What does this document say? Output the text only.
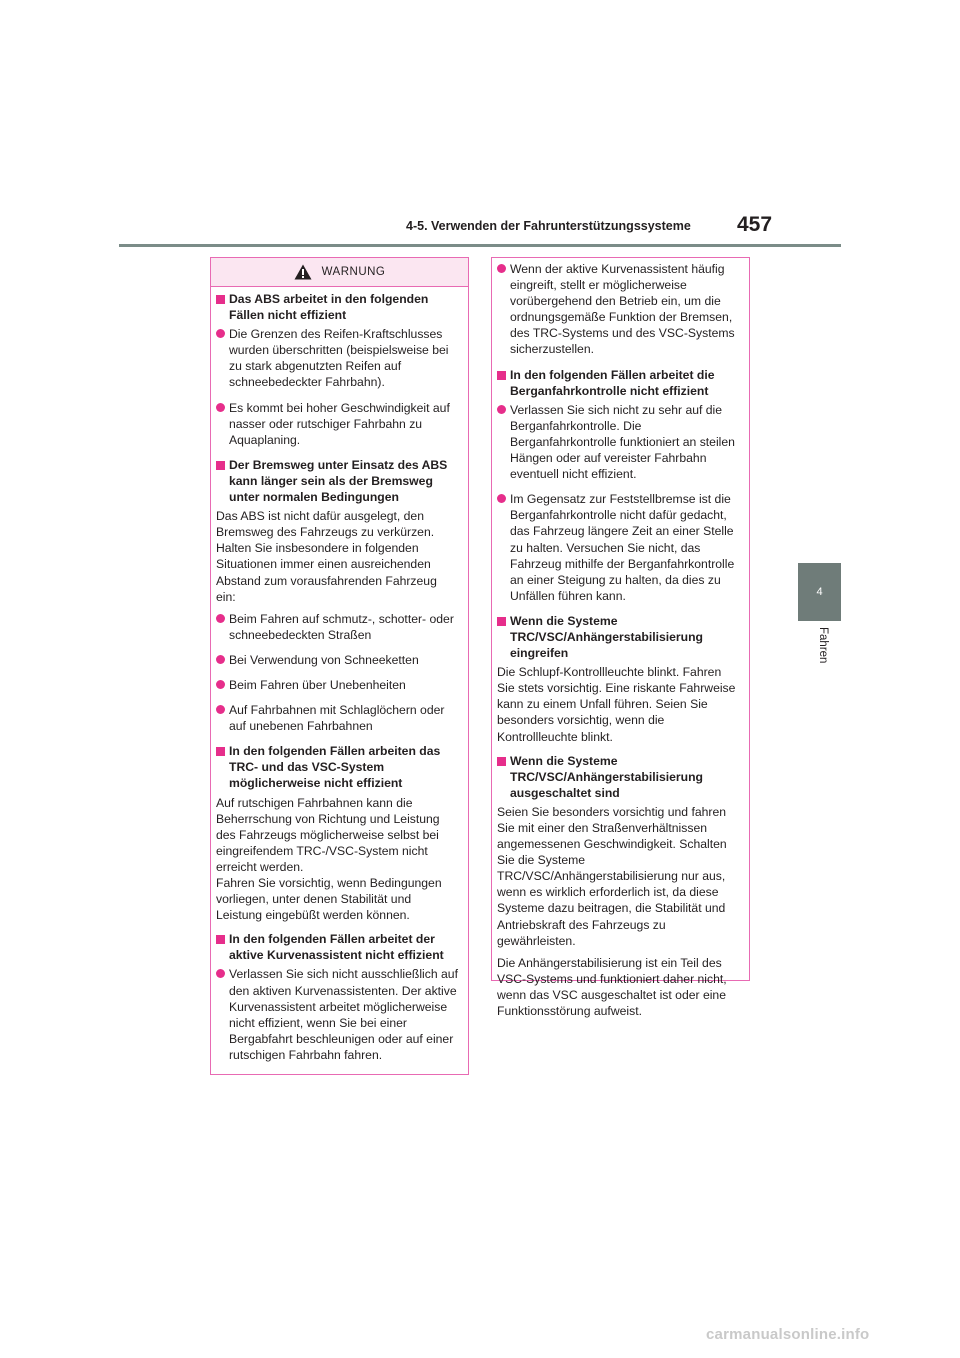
4-5. Verwenden der Fahrunterstützungssysteme 457
4
Fahren
WARNUNG
Das ABS arbeitet in den folgenden Fällen nicht effizient
Die Grenzen des Reifen-Kraftschlusses wurden überschritten (beispielsweise bei zu stark abgenutzten Reifen auf schneebedeckter Fahrbahn).
Es kommt bei hoher Geschwindigkeit auf nasser oder rutschiger Fahrbahn zu Aquaplaning.
Der Bremsweg unter Einsatz des ABS kann länger sein als der Bremsweg unter normalen Bedingungen
Das ABS ist nicht dafür ausgelegt, den Bremsweg des Fahrzeugs zu verkürzen. Halten Sie insbesondere in folgenden Situationen immer einen ausreichenden Abstand zum vorausfahrenden Fahrzeug ein:
Beim Fahren auf schmutz-, schotter- oder schneebedeckten Straßen
Bei Verwendung von Schneeketten
Beim Fahren über Unebenheiten
Auf Fahrbahnen mit Schlaglöchern oder auf unebenen Fahrbahnen
In den folgenden Fällen arbeiten das TRC- und das VSC-System möglicherweise nicht effizient
Auf rutschigen Fahrbahnen kann die Beherrschung von Richtung und Leistung des Fahrzeugs möglicherweise selbst bei eingreifendem TRC-/VSC-System nicht erreicht werden.
Fahren Sie vorsichtig, wenn Bedingungen vorliegen, unter denen Stabilität und Leistung eingebüßt werden können.
In den folgenden Fällen arbeitet der aktive Kurvenassistent nicht effizient
Verlassen Sie sich nicht ausschließlich auf den aktiven Kurvenassistenten. Der aktive Kurvenassistent arbeitet möglicherweise nicht effizient, wenn Sie bei einer Bergabfahrt beschleunigen oder auf einer rutschigen Fahrbahn fahren.
Wenn der aktive Kurvenassistent häufig eingreift, stellt er möglicherweise vorübergehend den Betrieb ein, um die ordnungsgemäße Funktion der Bremsen, des TRC-Systems und des VSC-Systems sicherzustellen.
In den folgenden Fällen arbeitet die Berganfahrkontrolle nicht effizient
Verlassen Sie sich nicht zu sehr auf die Berganfahrkontrolle. Die Berganfahrkontrolle funktioniert an steilen Hängen oder auf vereister Fahrbahn eventuell nicht effizient.
Im Gegensatz zur Feststellbremse ist die Berganfahrkontrolle nicht dafür gedacht, das Fahrzeug längere Zeit an einer Stelle zu halten. Versuchen Sie nicht, das Fahrzeug mithilfe der Berganfahrkontrolle an einer Steigung zu halten, da dies zu Unfällen führen kann.
Wenn die Systeme TRC/VSC/Anhängerstabilisierung eingreifen
Die Schlupf-Kontrollleuchte blinkt. Fahren Sie stets vorsichtig. Eine riskante Fahrweise kann zu einem Unfall führen. Seien Sie besonders vorsichtig, wenn die Kontrollleuchte blinkt.
Wenn die Systeme TRC/VSC/Anhängerstabilisierung ausgeschaltet sind
Seien Sie besonders vorsichtig und fahren Sie mit einer den Straßenverhältnissen angemessenen Geschwindigkeit. Schalten Sie die Systeme TRC/VSC/Anhängerstabilisierung nur aus, wenn es wirklich erforderlich ist, da diese Systeme dazu beitragen, die Stabilität und Antriebskraft des Fahrzeugs zu gewährleisten.
Die Anhängerstabilisierung ist ein Teil des VSC-Systems und funktioniert daher nicht, wenn das VSC ausgeschaltet ist oder eine Funktionsstörung aufweist.
carmanualsonline.info
